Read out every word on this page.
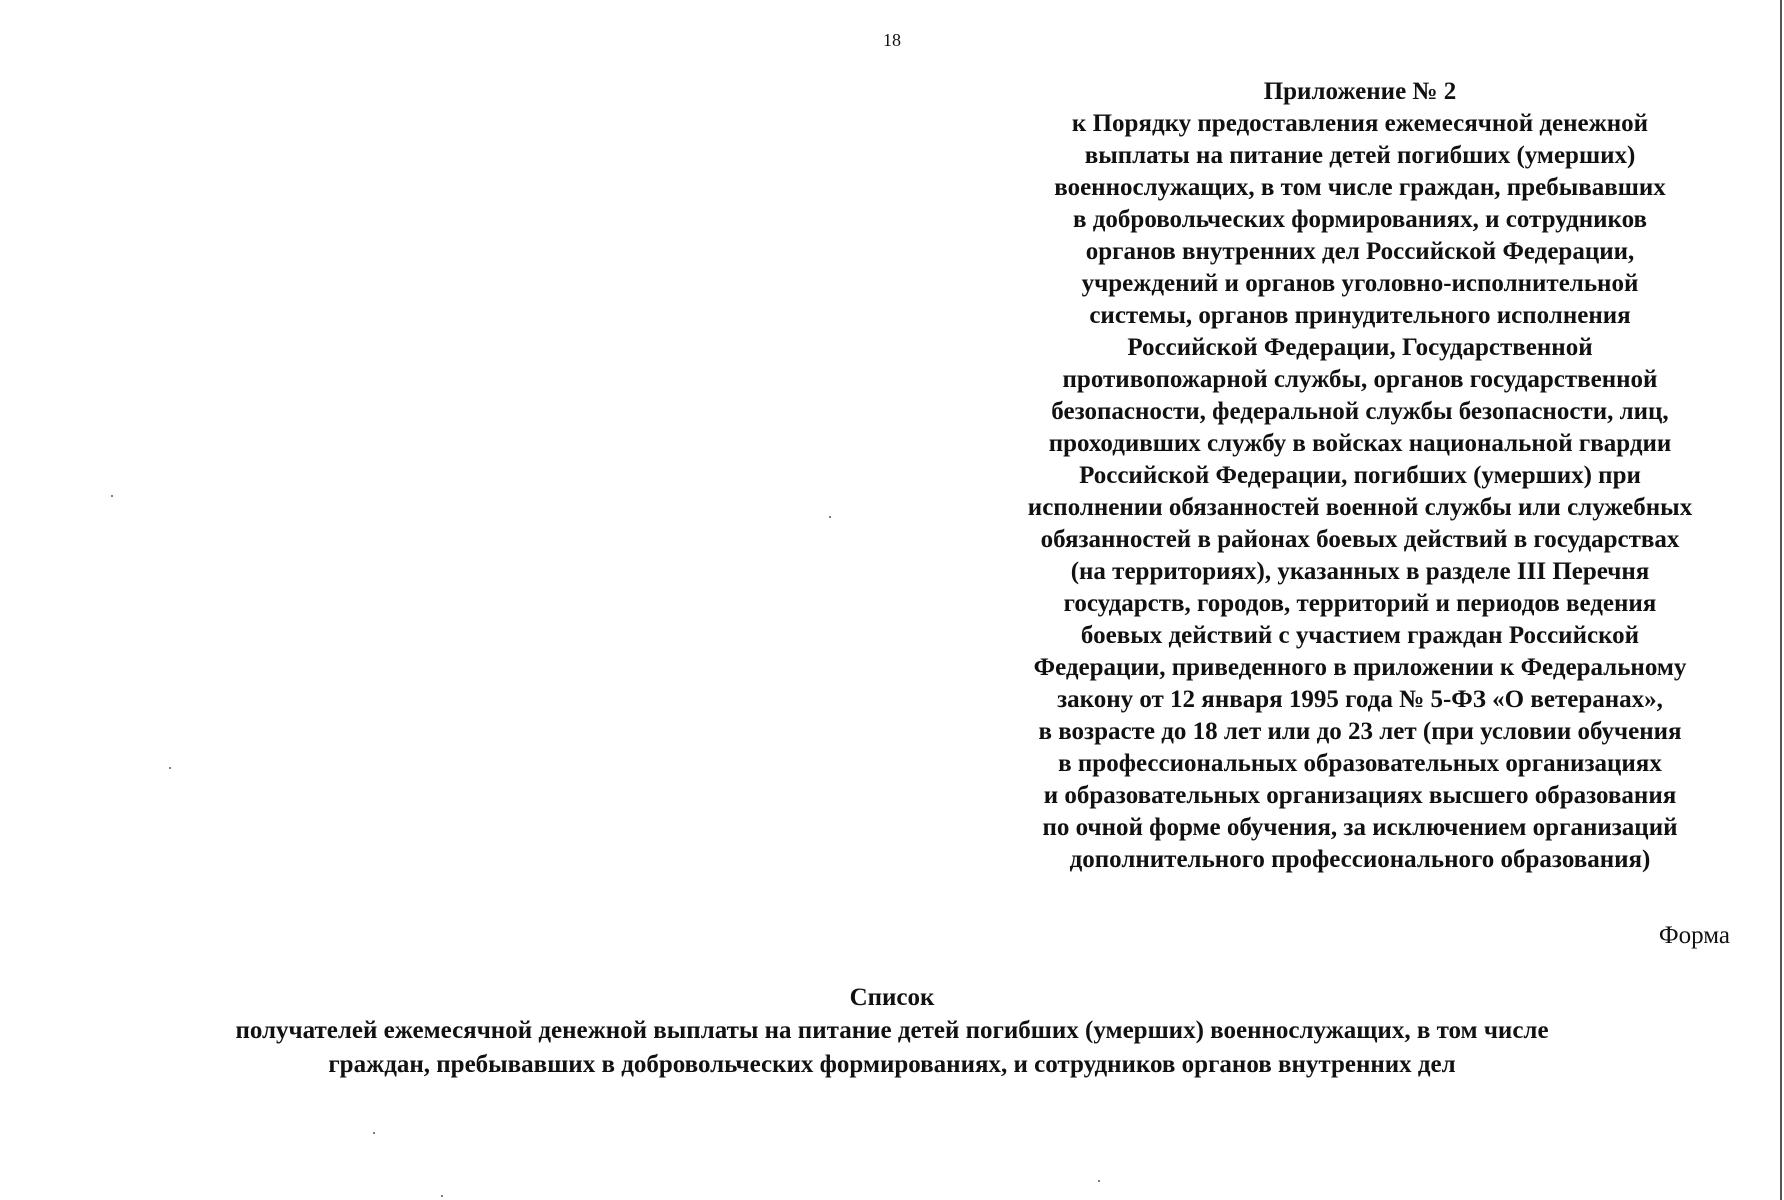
18
Приложение № 2
к Порядку предоставления ежемесячной денежной
выплаты на питание детей погибших (умерших)
военнослужащих, в том числе граждан, пребывавших
в добровольческих формированиях, и сотрудников
органов внутренних дел Российской Федерации,
учреждений и органов уголовно-исполнительной
системы, органов принудительного исполнения
Российской Федерации, Государственной
противопожарной службы, органов государственной
безопасности, федеральной службы безопасности, лиц,
проходивших службу в войсках национальной гвардии
Российской Федерации, погибших (умерших) при
исполнении обязанностей военной службы или служебных
обязанностей в районах боевых действий в государствах
(на территориях), указанных в разделе III Перечня
государств, городов, территорий и периодов ведения
боевых действий с участием граждан Российской
Федерации, приведенного в приложении к Федеральному
закону от 12 января 1995 года № 5-ФЗ «О ветеранах»,
в возрасте до 18 лет или до 23 лет (при условии обучения
в профессиональных образовательных организациях
и образовательных организациях высшего образования
по очной форме обучения, за исключением организаций
дополнительного профессионального образования)
Форма
Список
получателей ежемесячной денежной выплаты на питание детей погибших (умерших) военнослужащих, в том числе
граждан, пребывавших в добровольческих формированиях, и сотрудников органов внутренних дел
